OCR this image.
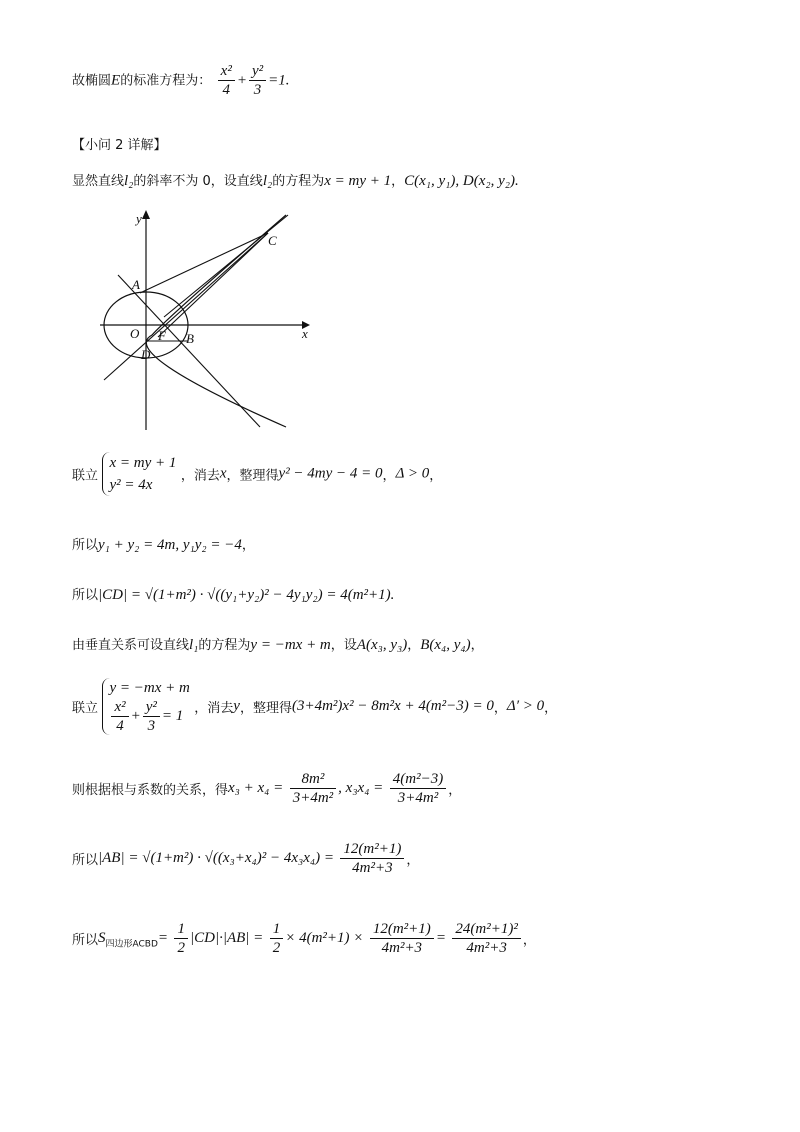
故椭圆E的标准方程为： $\frac{\text{x²}}{4} + \frac{\text{y²}}{3} =1$.
【小问 2 详解】
显然直线l₂的斜率不为 0，设直线l₂的方程为x = my + 1，C(x₁, y₁), D(x₂, y₂).
y
x
A
C
O F B
D
联立
x = my + 1
y² = 4x
，消去x，整理得y² − 4my − 4 = 0，Δ > 0，
所以y₁ + y₂ = 4m, y₁y₂ = −4，
所以|CD| = √(1+m²) · √((y₁+y₂)² − 4y₁y₂) = 4(m²+1).
由垂直关系可设直线l₁的方程为y = −mx + m，设A(x₃, y₃)，B(x₄, y₄)，
联立
y = −mx + m
$\frac{\text{x²}}{4} + \frac{\text{y²}}{3} = 1$ ，消去y，整理得(3+4m²)x² − 8m²x + 4(m²−3) = 0，Δ′ > 0，
则根据根与系数的关系，得$x_3 + x_4 = \frac{\text{8m²}}{\text{3+4m²}}$ , $x_3x_4 = \frac{\text{4(m²−3)}}{\text{3+4m²}}$ ，
所以$|AB| = √(1+m^2) \cdot √((x_3+x_4)^2 - 4x_3x_4) = \frac{\text{12(m²+1)}}{\text{4m²+3}}$ ，
所以$S_{四边形ACBD}= \frac{1}{2} |CD|\cdot|AB| = \frac{1}{2} \times 4(m^2+1) \times \frac{\text{12(m²+1)}}{\text{4m²+3}} = \frac{\text{24(m²+1)²}}{\text{4m²+3}}$ ，
